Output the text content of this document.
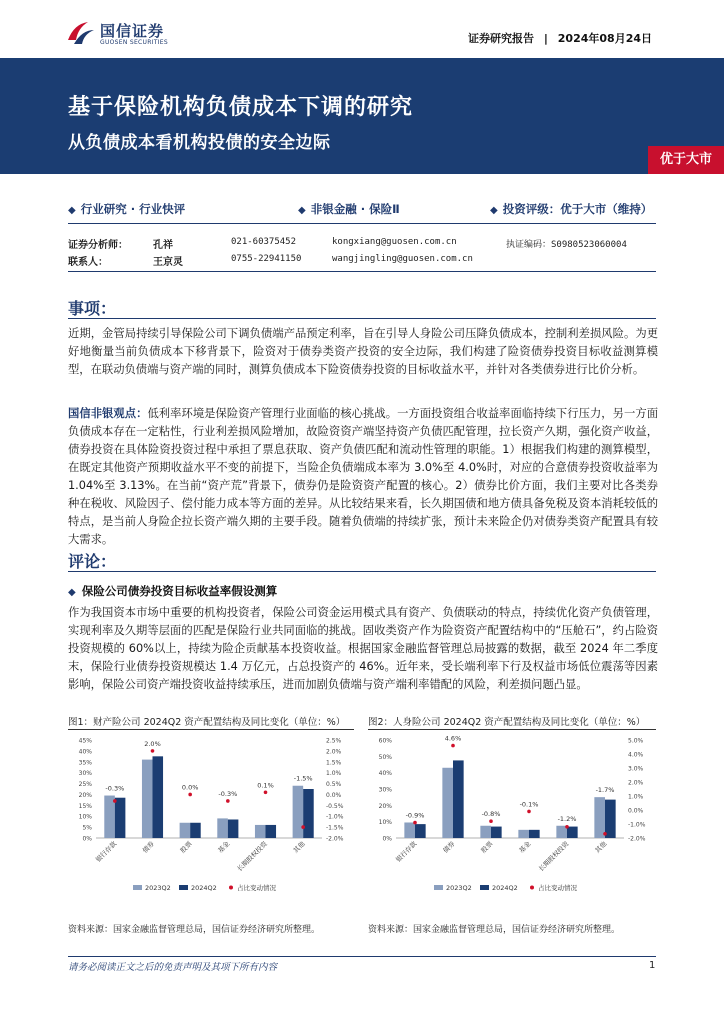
国信证券
GUOSEN SECURITIES	证券研究报告 | 2024年08月24日
基于保险机构负债成本下调的研究
从负债成本看机构投债的安全边际
优于大市
◆ 行业研究 · 行业快评	◆ 非银金融 · 保险Ⅱ	◆ 投资评级：优于大市（维持）
证券分析师：	孔祥	021-60375452	kongxiang@guosen.com.cn	执证编码：S0980523060004
联系人：	王京灵	0755-22941150	wangjingling@guosen.com.cn
事项：
近期，金管局持续引导保险公司下调负债端产品预定利率，旨在引导人身险公司压降负债成本，控制利差损风险。为更好地衡量当前负债成本下移背景下，险资对于债券类资产投资的安全边际，我们构建了险资债券投资目标收益测算模型，在联动负债端与资产端的同时，测算负债成本下险资债券投资的目标收益水平，并针对各类债券进行比价分析。
国信非银观点：低利率环境是保险资产管理行业面临的核心挑战。一方面投资组合收益率面临持续下行压力，另一方面负债成本存在一定粘性，行业利差损风险增加，故险资资产端坚持资产负债匹配管理，拉长资产久期，强化资产收益，债券投资在具体险资投资过程中承担了票息获取、资产负债匹配和流动性管理的职能。1）根据我们构建的测算模型，在既定其他资产预期收益水平不变的前提下，当险企负债端成本率为 3.0%至 4.0%时，对应的合意债券投资收益率为 1.04%至 3.13%。在当前“资产荒”背景下，债券仍是险资资产配置的核心。2）债券比价方面，我们主要对比各类券种在税收、风险因子、偿付能力成本等方面的差异。从比较结果来看，长久期国债和地方债具备免税及资本消耗较低的特点，是当前人身险企拉长资产端久期的主要手段。随着负债端的持续扩张，预计未来险企仍对债券类资产配置具有较大需求。
评论：
◆ 保险公司债券投资目标收益率假设测算
作为我国资本市场中重要的机构投资者，保险公司资金运用模式具有资产、负债联动的特点，持续优化资产负债管理，实现利率及久期等层面的匹配是保险行业共同面临的挑战。固收类资产作为险资资产配置结构中的“压舱石”，约占险资投资规模的 60%以上，持续为险企贡献基本投资收益。根据国家金融监督管理总局披露的数据，截至 2024 年二季度末，保险行业债券投资规模达 1.4 万亿元，占总投资产的 46%。近年来，受长端利率下行及权益市场低位震荡等因素影响，保险公司资产端投资收益持续承压，进而加剧负债端与资产端利率错配的风险，利差损问题凸显。
图1：财产险公司 2024Q2 资产配置结构及同比变化（单位：%）
0%
5%
10%
15%
20%
25%
30%
35%
40%
45%
-2.0%
-1.5%
-1.0%
-0.5%
0.0%
0.5%
1.0%
1.5%
2.0%
2.5%
-0.3%
银行存款
2.0%
债券
0.0%
股票
-0.3%
基金
0.1%
长期股权投资
-1.5%
其他
2023Q2	2024Q2	占比变动情况
资料来源：国家金融监督管理总局，国信证券经济研究所整理。
图2：人身险公司 2024Q2 资产配置结构及同比变化（单位：%）
0%
10%
20%
30%
40%
50%
60%
-2.0%
-1.0%
0.0%
1.0%
2.0%
3.0%
4.0%
5.0%
-0.9%
银行存款
4.6%
债券
-0.8%
股票
-0.1%
基金
-1.2%
长期股权投资
-1.7%
其他
2023Q2	2024Q2	占比变动情况
资料来源：国家金融监督管理总局，国信证券经济研究所整理。
请务必阅读正文之后的免责声明及其项下所有内容	1
